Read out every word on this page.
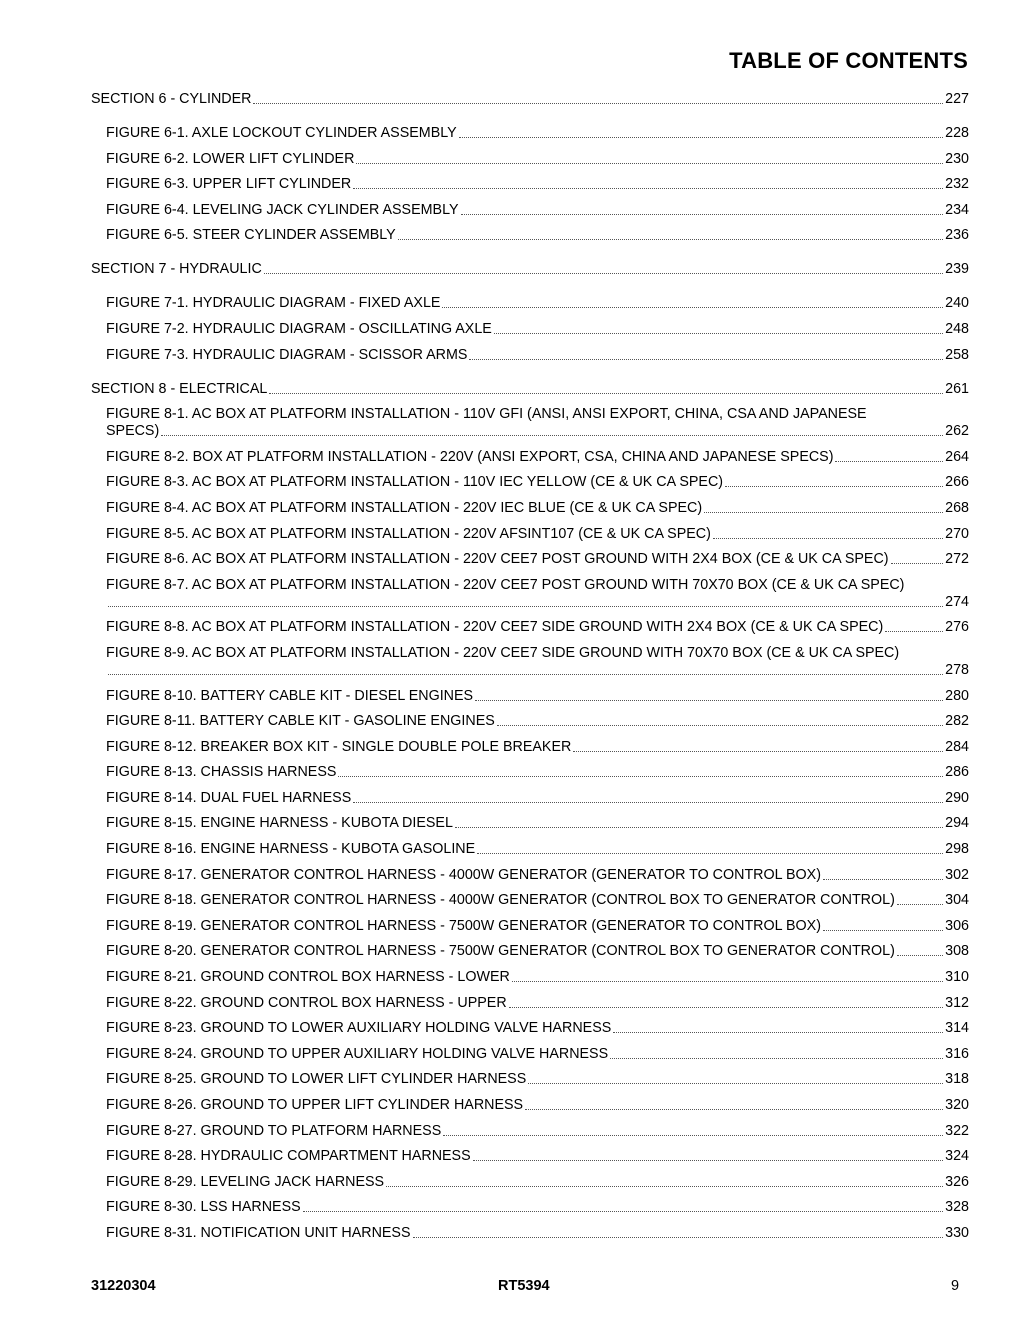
TABLE OF CONTENTS
SECTION 6 - CYLINDER	227
FIGURE 6-1. AXLE LOCKOUT CYLINDER ASSEMBLY	228
FIGURE 6-2. LOWER LIFT CYLINDER	230
FIGURE 6-3. UPPER LIFT CYLINDER	232
FIGURE 6-4. LEVELING JACK CYLINDER ASSEMBLY	234
FIGURE 6-5. STEER CYLINDER ASSEMBLY	236
SECTION 7 - HYDRAULIC	239
FIGURE 7-1. HYDRAULIC DIAGRAM - FIXED AXLE	240
FIGURE 7-2. HYDRAULIC DIAGRAM - OSCILLATING AXLE	248
FIGURE 7-3. HYDRAULIC DIAGRAM - SCISSOR ARMS	258
SECTION 8 - ELECTRICAL	261
FIGURE 8-1. AC BOX AT PLATFORM INSTALLATION - 110V GFI (ANSI, ANSI EXPORT, CHINA, CSA AND JAPANESE
SPECS)	262
FIGURE 8-2. BOX AT PLATFORM INSTALLATION - 220V (ANSI EXPORT, CSA, CHINA AND JAPANESE SPECS)	264
FIGURE 8-3. AC BOX AT PLATFORM INSTALLATION - 110V IEC YELLOW (CE & UK CA SPEC)	266
FIGURE 8-4. AC BOX AT PLATFORM INSTALLATION - 220V IEC BLUE (CE & UK CA SPEC)	268
FIGURE 8-5. AC BOX AT PLATFORM INSTALLATION - 220V AFSINT107 (CE & UK CA SPEC)	270
FIGURE 8-6. AC BOX AT PLATFORM INSTALLATION - 220V CEE7 POST GROUND WITH 2X4 BOX (CE & UK CA SPEC)	272
FIGURE 8-7. AC BOX AT PLATFORM INSTALLATION - 220V CEE7 POST GROUND WITH 70X70 BOX (CE & UK CA SPEC)
274
FIGURE 8-8. AC BOX AT PLATFORM INSTALLATION - 220V CEE7 SIDE GROUND WITH 2X4 BOX (CE & UK CA SPEC)	276
FIGURE 8-9. AC BOX AT PLATFORM INSTALLATION - 220V CEE7 SIDE GROUND WITH 70X70 BOX (CE & UK CA SPEC)
278
FIGURE 8-10. BATTERY CABLE KIT - DIESEL ENGINES	280
FIGURE 8-11. BATTERY CABLE KIT - GASOLINE ENGINES	282
FIGURE 8-12. BREAKER BOX KIT - SINGLE DOUBLE POLE BREAKER	284
FIGURE 8-13. CHASSIS HARNESS	286
FIGURE 8-14. DUAL FUEL HARNESS	290
FIGURE 8-15. ENGINE HARNESS - KUBOTA DIESEL	294
FIGURE 8-16. ENGINE HARNESS - KUBOTA GASOLINE	298
FIGURE 8-17. GENERATOR CONTROL HARNESS - 4000W GENERATOR (GENERATOR TO CONTROL BOX)	302
FIGURE 8-18. GENERATOR CONTROL HARNESS - 4000W GENERATOR (CONTROL BOX TO GENERATOR CONTROL)	304
FIGURE 8-19. GENERATOR CONTROL HARNESS - 7500W GENERATOR (GENERATOR TO CONTROL BOX)	306
FIGURE 8-20. GENERATOR CONTROL HARNESS - 7500W GENERATOR (CONTROL BOX TO GENERATOR CONTROL)	308
FIGURE 8-21. GROUND CONTROL BOX HARNESS - LOWER	310
FIGURE 8-22. GROUND CONTROL BOX HARNESS - UPPER	312
FIGURE 8-23. GROUND TO LOWER AUXILIARY HOLDING VALVE HARNESS	314
FIGURE 8-24. GROUND TO UPPER AUXILIARY HOLDING VALVE HARNESS	316
FIGURE 8-25. GROUND TO LOWER LIFT CYLINDER HARNESS	318
FIGURE 8-26. GROUND TO UPPER LIFT CYLINDER HARNESS	320
FIGURE 8-27. GROUND TO PLATFORM HARNESS	322
FIGURE 8-28. HYDRAULIC COMPARTMENT HARNESS	324
FIGURE 8-29. LEVELING JACK HARNESS	326
FIGURE 8-30. LSS HARNESS	328
FIGURE 8-31. NOTIFICATION UNIT HARNESS	330
31220304	RT5394	9
